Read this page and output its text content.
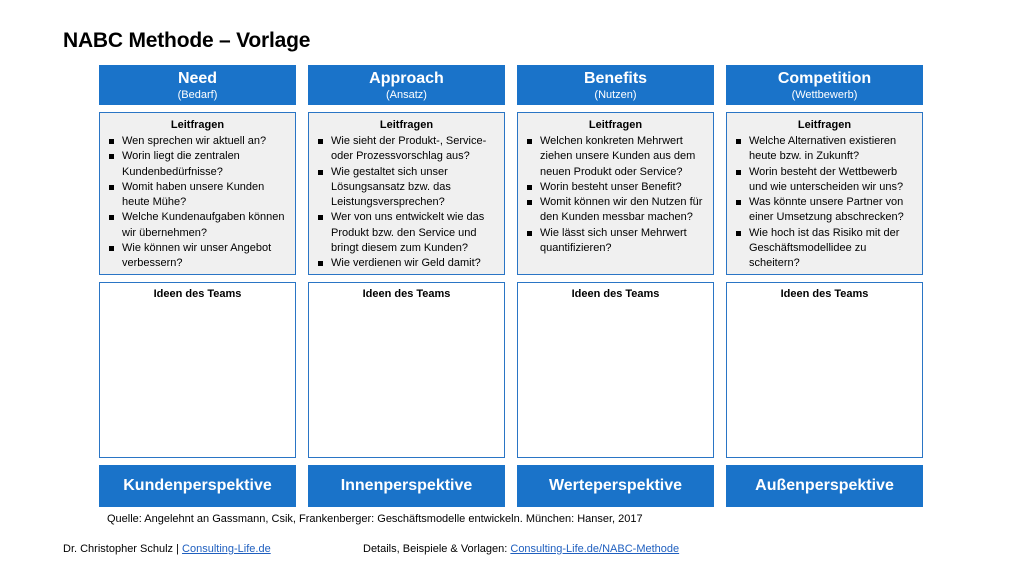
NABC Methode – Vorlage
Need
(Bedarf)
Leitfragen
Wen sprechen wir aktuell an?
Worin liegt die zentralen Kundenbedürfnisse?
Womit haben unsere Kunden heute Mühe?
Welche Kundenaufgaben können wir übernehmen?
Wie können wir unser Angebot verbessern?
Ideen des Teams
Kundenperspektive
Approach
(Ansatz)
Leitfragen
Wie sieht der Produkt-, Service- oder Prozessvorschlag aus?
Wie gestaltet sich unser Lösungsansatz bzw. das Leistungsversprechen?
Wer von uns entwickelt wie das Produkt bzw. den Service und bringt diesem zum Kunden?
Wie verdienen wir Geld damit?
Ideen des Teams
Innenperspektive
Benefits
(Nutzen)
Leitfragen
Welchen konkreten Mehrwert ziehen unsere Kunden aus dem neuen Produkt oder Service?
Worin besteht unser Benefit?
Womit können wir den Nutzen für den Kunden messbar machen?
Wie lässt sich unser Mehrwert quantifizieren?
Ideen des Teams
Werteperspektive
Competition
(Wettbewerb)
Leitfragen
Welche Alternativen existieren heute bzw. in Zukunft?
Worin besteht der Wettbewerb und wie unterscheiden wir uns?
Was könnte unsere Partner von einer Umsetzung abschrecken?
Wie hoch ist das Risiko mit der Geschäftsmodellidee zu scheitern?
Ideen des Teams
Außenperspektive
Quelle: Angelehnt an Gassmann, Csik, Frankenberger: Geschäftsmodelle entwickeln. München: Hanser, 2017
Dr. Christopher Schulz | Consulting-Life.de	Details, Beispiele & Vorlagen: Consulting-Life.de/NABC-Methode
